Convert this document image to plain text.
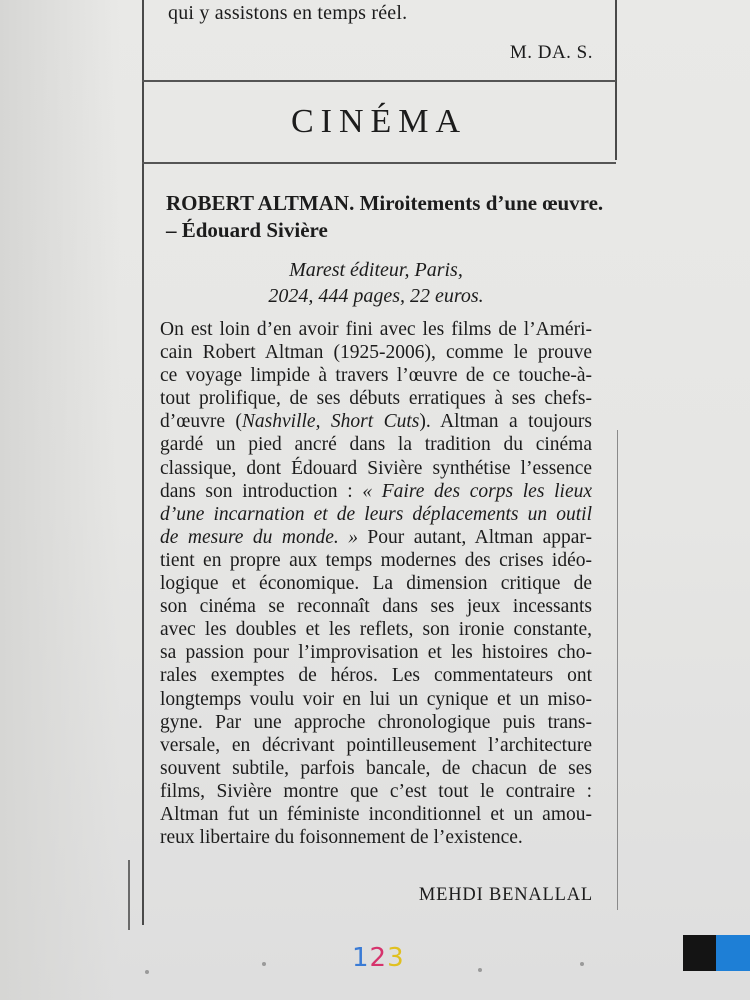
qui y assistons en temps réel.
M. DA. S.
CINÉMA
ROBERT ALTMAN. Miroitements d’une œuvre. – Édouard Sivière
Marest éditeur, Paris,
2024, 444 pages, 22 euros.
On est loin d’en avoir fini avec les films de l’Améri-
cain Robert Altman (1925-2006), comme le prouve
ce voyage limpide à travers l’œuvre de ce touche-à-
tout prolifique, de ses débuts erratiques à ses chefs-
d’œuvre (Nashville, Short Cuts). Altman a toujours
gardé un pied ancré dans la tradition du cinéma
classique, dont Édouard Sivière synthétise l’essence
dans son introduction : « Faire des corps les lieux
d’une incarnation et de leurs déplacements un outil
de mesure du monde. » Pour autant, Altman appar-
tient en propre aux temps modernes des crises idéo-
logique et économique. La dimension critique de
son cinéma se reconnaît dans ses jeux incessants
avec les doubles et les reflets, son ironie constante,
sa passion pour l’improvisation et les histoires cho-
rales exemptes de héros. Les commentateurs ont
longtemps voulu voir en lui un cynique et un miso-
gyne. Par une approche chronologique puis trans-
versale, en décrivant pointilleusement l’architecture
souvent subtile, parfois bancale, de chacun de ses
films, Sivière montre que c’est tout le contraire :
Altman fut un féministe inconditionnel et un amou-
reux libertaire du foisonnement de l’existence.
MEHDI BENALLAL
123
